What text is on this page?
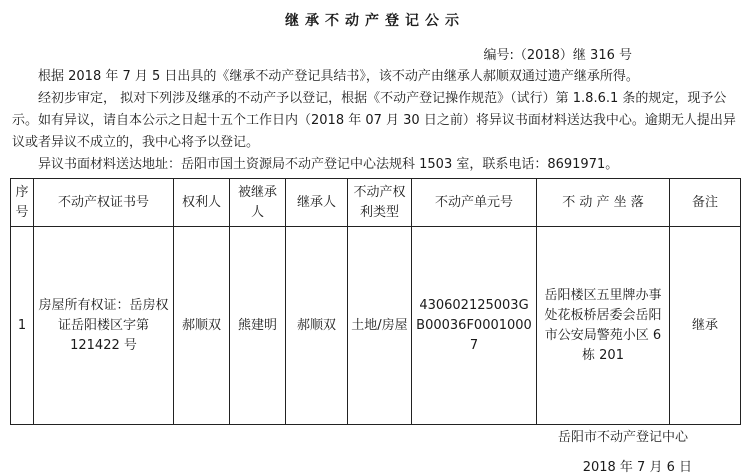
继承不动产登记公示
编号:（2018）继 316 号
根据 2018 年 7 月 5 日出具的《继承不动产登记具结书》，该不动产由继承人郝顺双通过遗产继承所得。
经初步审定， 拟对下列涉及继承的不动产予以登记，根据《不动产登记操作规范》（试行）第 1.8.6.1 条的规定，现予公示。如有异议，请自本公示之日起十五个工作日内（2018 年 07 月 30 日之前）将异议书面材料送达我中心。逾期无人提出异议或者异议不成立的，我中心将予以登记。
异议书面材料送达地址：岳阳市国土资源局不动产登记中心法规科 1503 室，联系电话：8691971。
序号	不动产权证书号	权利人	被继承人	继承人	不动产权利类型	不动产单元号	不 动 产 坐 落	备注
1	房屋所有权证：岳房权证岳阳楼区字第 121422 号	郝顺双	熊建明	郝顺双	土地/房屋	430602125003GB00036F00010007	岳阳楼区五里牌办事处花板桥居委会岳阳市公安局警苑小区 6 栋 201	继承
岳阳市不动产登记中心
2018 年 7 月 6 日
